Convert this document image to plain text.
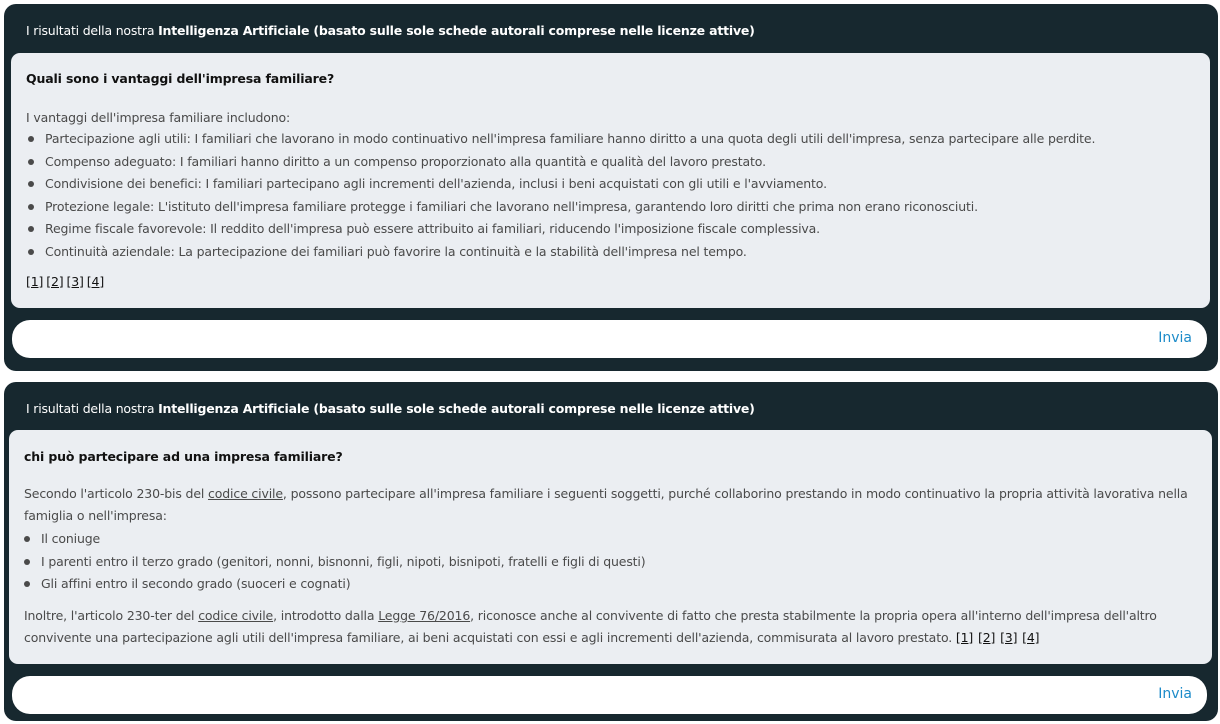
I risultati della nostra Intelligenza Artificiale (basato sulle sole schede autorali comprese nelle licenze attive)
Quali sono i vantaggi dell'impresa familiare?
I vantaggi dell'impresa familiare includono:
Partecipazione agli utili: I familiari che lavorano in modo continuativo nell'impresa familiare hanno diritto a una quota degli utili dell'impresa, senza partecipare alle perdite.
Compenso adeguato: I familiari hanno diritto a un compenso proporzionato alla quantità e qualità del lavoro prestato.
Condivisione dei benefici: I familiari partecipano agli incrementi dell'azienda, inclusi i beni acquistati con gli utili e l'avviamento.
Protezione legale: L'istituto dell'impresa familiare protegge i familiari che lavorano nell'impresa, garantendo loro diritti che prima non erano riconosciuti.
Regime fiscale favorevole: Il reddito dell'impresa può essere attribuito ai familiari, riducendo l'imposizione fiscale complessiva.
Continuità aziendale: La partecipazione dei familiari può favorire la continuità e la stabilità dell'impresa nel tempo.
[1] [2] [3] [4]
Invia
I risultati della nostra Intelligenza Artificiale (basato sulle sole schede autorali comprese nelle licenze attive)
chi può partecipare ad una impresa familiare?
Secondo l'articolo 230-bis del codice civile, possono partecipare all'impresa familiare i seguenti soggetti, purché collaborino prestando in modo continuativo la propria attività lavorativa nella famiglia o nell'impresa:
Il coniuge
I parenti entro il terzo grado (genitori, nonni, bisnonni, figli, nipoti, bisnipoti, fratelli e figli di questi)
Gli affini entro il secondo grado (suoceri e cognati)
Inoltre, l'articolo 230-ter del codice civile, introdotto dalla Legge 76/2016, riconosce anche al convivente di fatto che presta stabilmente la propria opera all'interno dell'impresa dell'altro convivente una partecipazione agli utili dell'impresa familiare, ai beni acquistati con essi e agli incrementi dell'azienda, commisurata al lavoro prestato. [1] [2] [3] [4]
Invia
